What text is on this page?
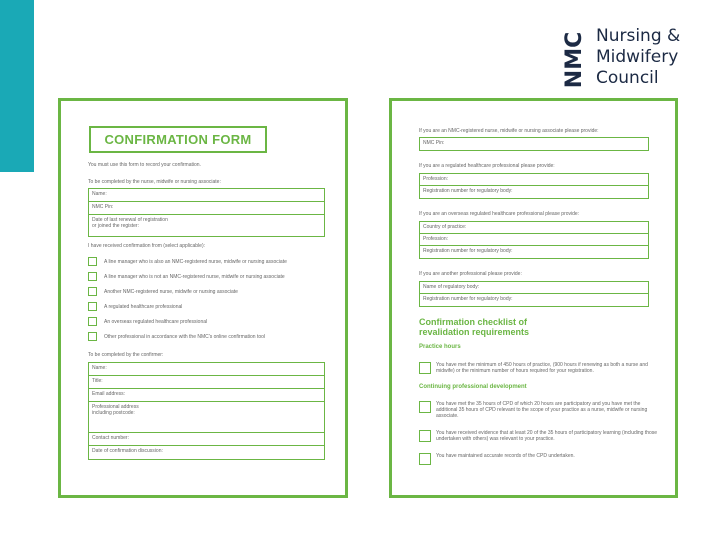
NMC Nursing &
Midwifery
Council
CONFIRMATION FORM
You must use this form to record your confirmation.
To be completed by the nurse, midwife or nursing associate:
Name:
NMC Pin:
Date of last renewal of registration
or joined the register:
I have received confirmation from (select applicable):
A line manager who is also an NMC-registered nurse, midwife or nursing associate
A line manager who is not an NMC-registered nurse, midwife or nursing associate
Another NMC-registered nurse, midwife or nursing associate
A regulated healthcare professional
An overseas regulated healthcare professional
Other professional in accordance with the NMC's online confirmation tool
To be completed by the confirmer:
Name:
Title:
Email address:
Professional address
including postcode:
Contact number:
Date of confirmation discussion:
If you are an NMC-registered nurse, midwife or nursing associate please provide:
NMC Pin:
If you are a regulated healthcare professional please provide:
Profession:
Registration number for regulatory body:
If you are an overseas regulated healthcare professional please provide:
Country of practice:
Profession:
Registration number for regulatory body:
If you are another professional please provide:
Name of regulatory body:
Registration number for regulatory body:
Confirmation checklist of
revalidation requirements
Practice hours
You have met the minimum of 450 hours of practice, (900 hours if renewing as both a nurse and midwife) or the minimum number of hours required for your registration.
Continuing professional development
You have met the 35 hours of CPD of which 20 hours are participatory and you have met the additional 35 hours of CPD relevant to the scope of your practice as a nurse, midwife or nursing associate.
You have received evidence that at least 20 of the 35 hours of participatory learning (including those undertaken with others) was relevant to your practice.
You have maintained accurate records of the CPD undertaken.
